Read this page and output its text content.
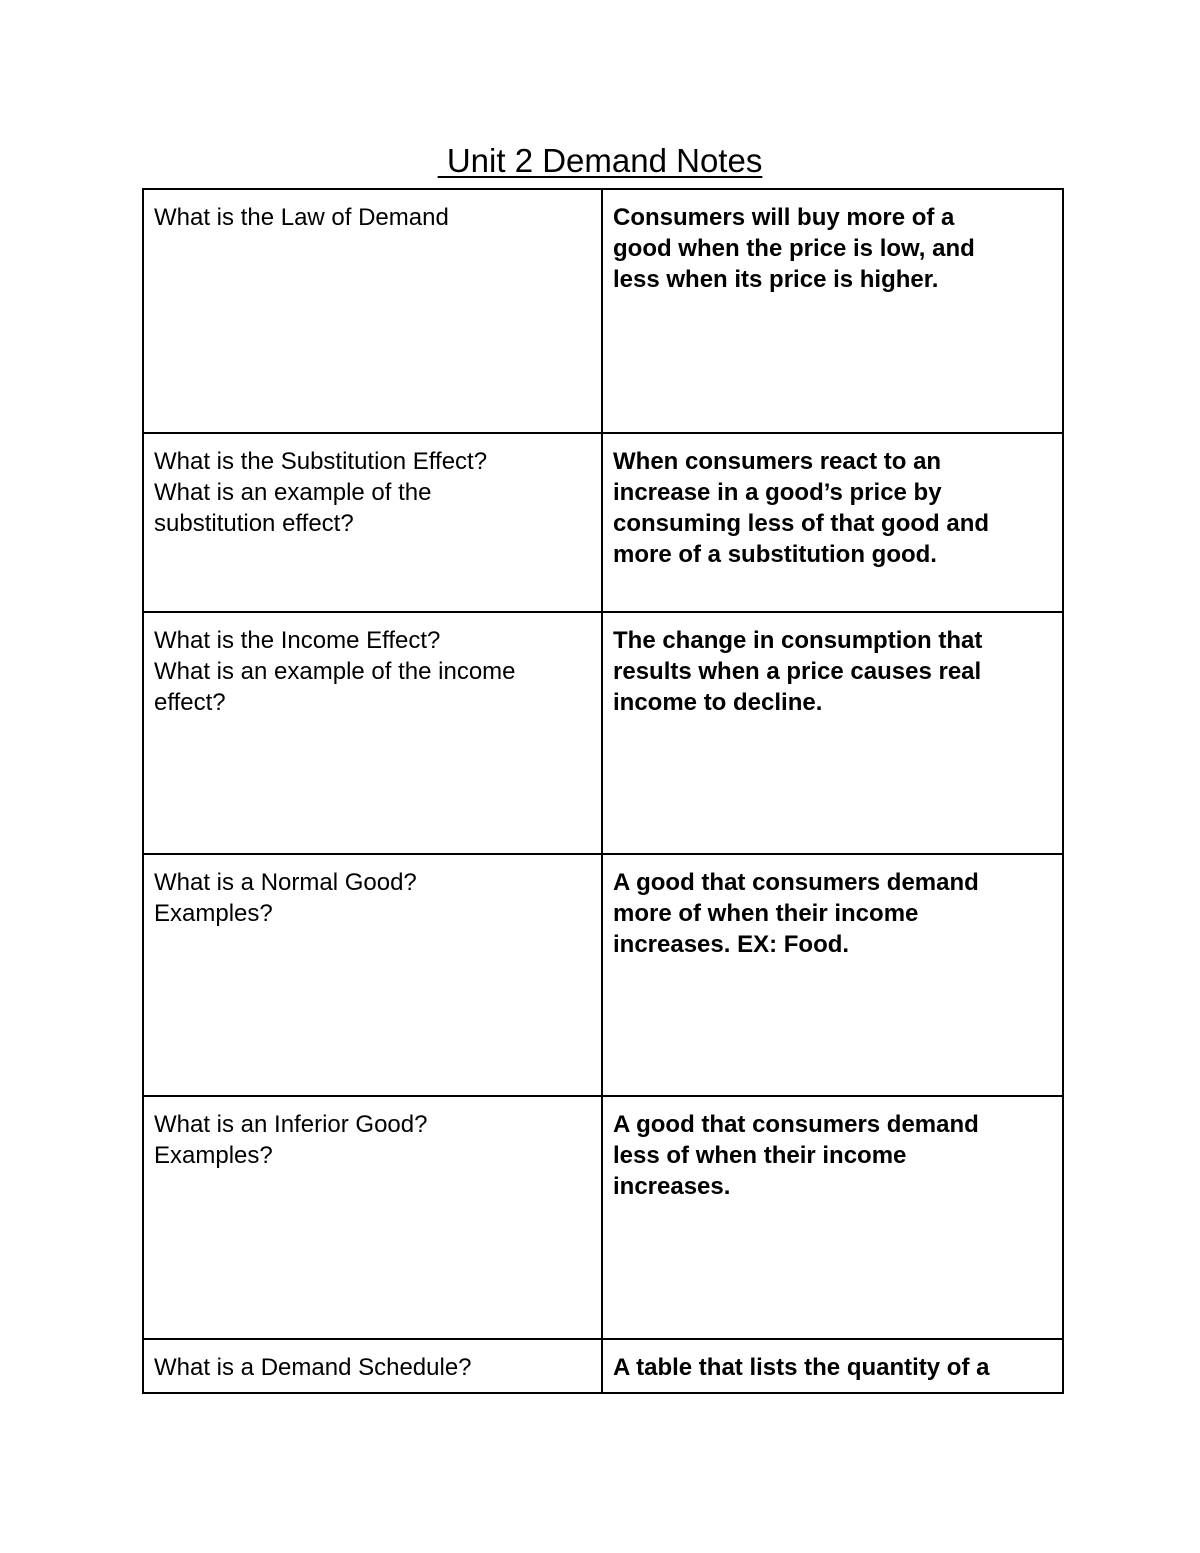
Unit 2 Demand Notes
What is the Law of Demand	Consumers will buy more of a
good when the price is low, and
less when its price is higher.

What is the Substitution Effect?
What is an example of the
substitution effect?	When consumers react to an
increase in a good’s price by
consuming less of that good and
more of a substitution good.

What is the Income Effect?
What is an example of the income
effect?	The change in consumption that
results when a price causes real
income to decline.

What is a Normal Good?
Examples?	A good that consumers demand
more of when their income
increases. EX: Food.

What is an Inferior Good?
Examples?	A good that consumers demand
less of when their income
increases.

What is a Demand Schedule?	A table that lists the quantity of a
